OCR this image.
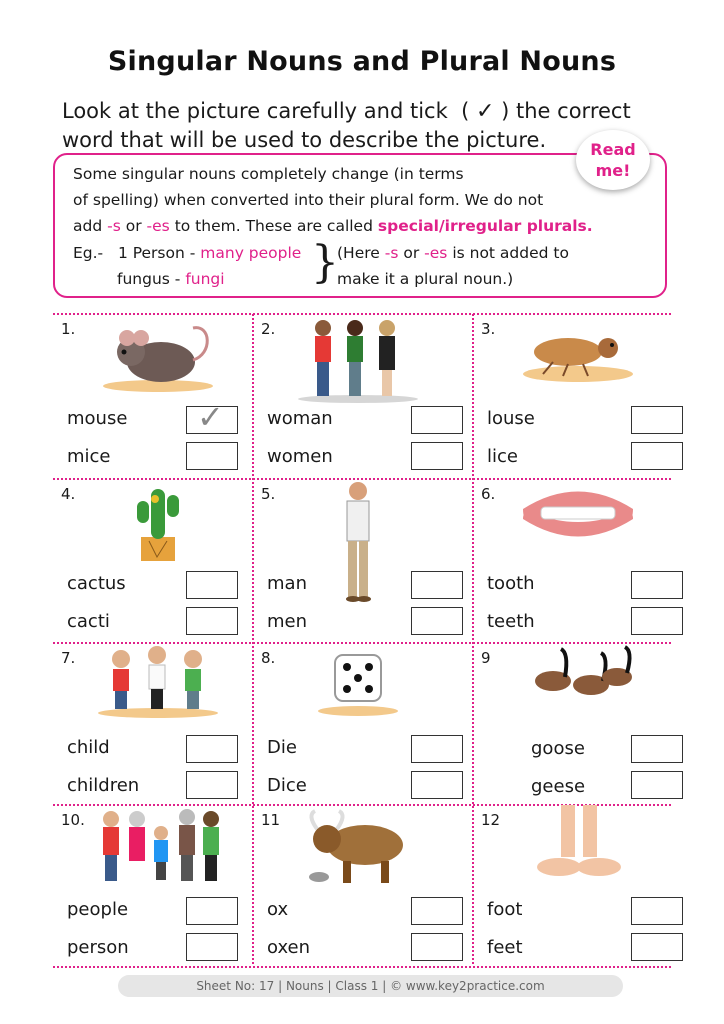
Singular Nouns and Plural Nouns
Look at the picture carefully and tick ( ✓ ) the correct
word that will be used to describe the picture.
Some singular nouns completely change (in terms
of spelling) when converted into their plural form. We do not
add -s or -es to them. These are called special/irregular plurals.
Eg.- 1 Person - many people
fungus - fungi }
(Here -s or -es is not added to
make it a plural noun.)
Read
me!
1.
mouse
mice
✓
2.
woman
women
3.
louse
lice
4.
cactus
cacti
5.
man
men
6.
tooth
teeth
7.
child
children
8.
Die
Dice
9
goose
geese
10.
people
person
11
ox
oxen
12
foot
feet
Sheet No: 17 | Nouns | Class 1 | © www.key2practice.com
